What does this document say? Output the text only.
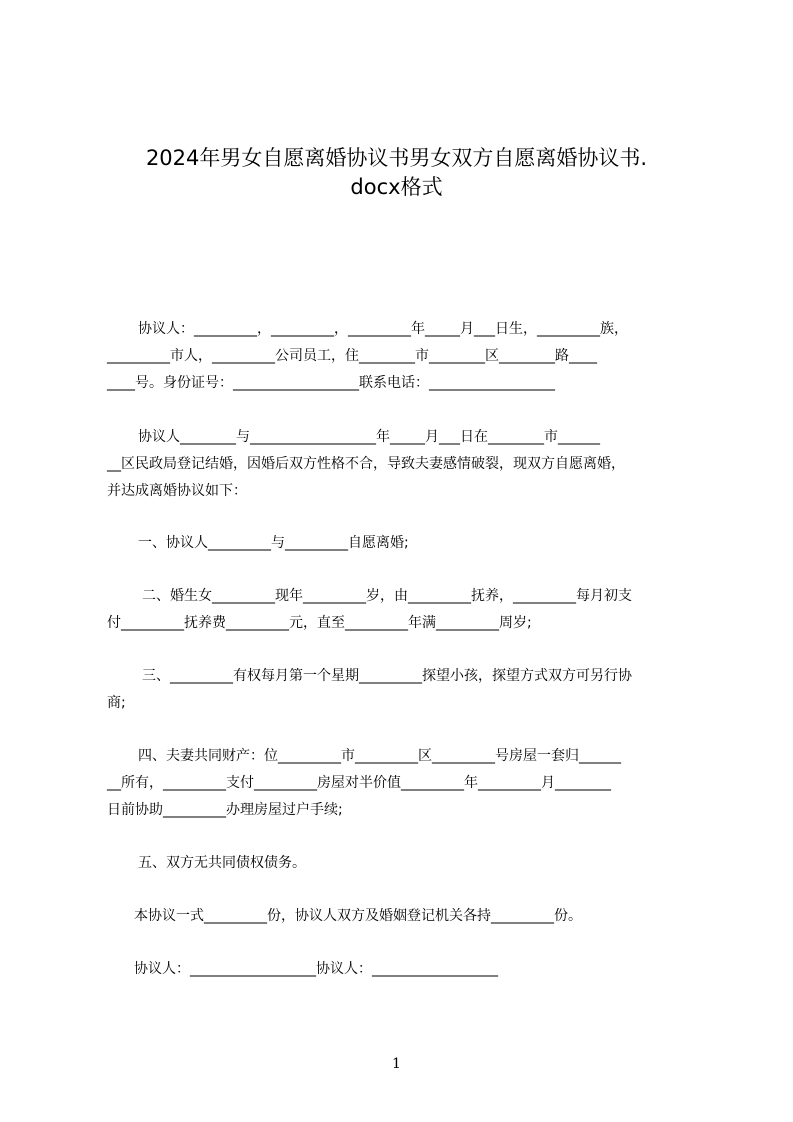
2024年男女自愿离婚协议书男女双方自愿离婚协议书.
docx格式
协议人：_________，_________，_________年_____月___日生，_________族，
_________市人，_________公司员工，住________市________区________路____
____号。身份证号：__________________联系电话：__________________
协议人________与__________________年_____月___日在________市______
__区民政局登记结婚，因婚后双方性格不合，导致夫妻感情破裂，现双方自愿离婚，
并达成离婚协议如下：
一、协议人_________与_________自愿离婚;
二、婚生女_________现年_________岁，由_________抚养，_________每月初支
付_________抚养费_________元，直至_________年满_________周岁;
三、_________有权每月第一个星期_________探望小孩，探望方式双方可另行协
商;
四、夫妻共同财产：位_________市_________区_________号房屋一套归______
__所有，_________支付_________房屋对半价值_________年_________月________
日前协助_________办理房屋过户手续;
五、双方无共同债权债务。
本协议一式_________份，协议人双方及婚姻登记机关各持_________份。
协议人：__________________协议人：__________________
1
